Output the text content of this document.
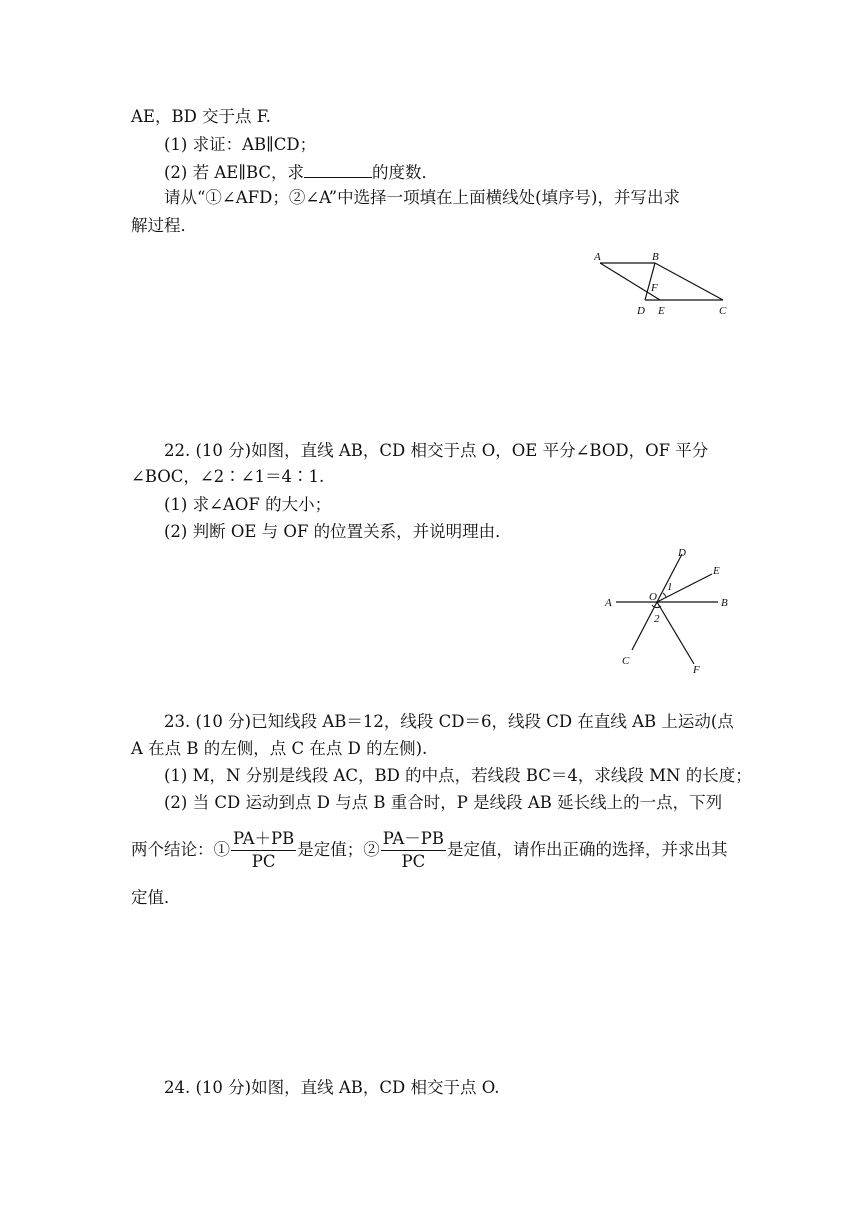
AE，BD 交于点 F.
(1) 求证：AB∥CD；
(2) 若 AE∥BC，求	的度数．
请从“①∠AFD；②∠A”中选择一项填在上面横线处(填序号)，并写出求
解过程．
A	B
C
D E
F
22. (10 分)如图，直线 AB，CD 相交于点 O，OE 平分∠BOD，OF 平分
∠BOC，∠2∶∠1＝4∶1.
(1) 求∠AOF 的大小；
(2) 判断 OE 与 OF 的位置关系，并说明理由．
A	B
C
D
E
F
O
1
2
23. (10 分)已知线段 AB＝12，线段 CD＝6，线段 CD 在直线 AB 上运动(点
A 在点 B 的左侧，点 C 在点 D 的左侧).
(1) M，N 分别是线段 AC，BD 的中点，若线段 BC＝4，求线段 MN 的长度；
(2) 当 CD 运动到点 D 与点 B 重合时，P 是线段 AB 延长线上的一点，下列
两个结论：① $\frac{PA+PB}{PC}$ 是定值；② $\frac{PA-PB}{PC}$ 是定值，请作出正确的选择，并求出其
定值．
24. (10 分)如图，直线 AB，CD 相交于点 O.
